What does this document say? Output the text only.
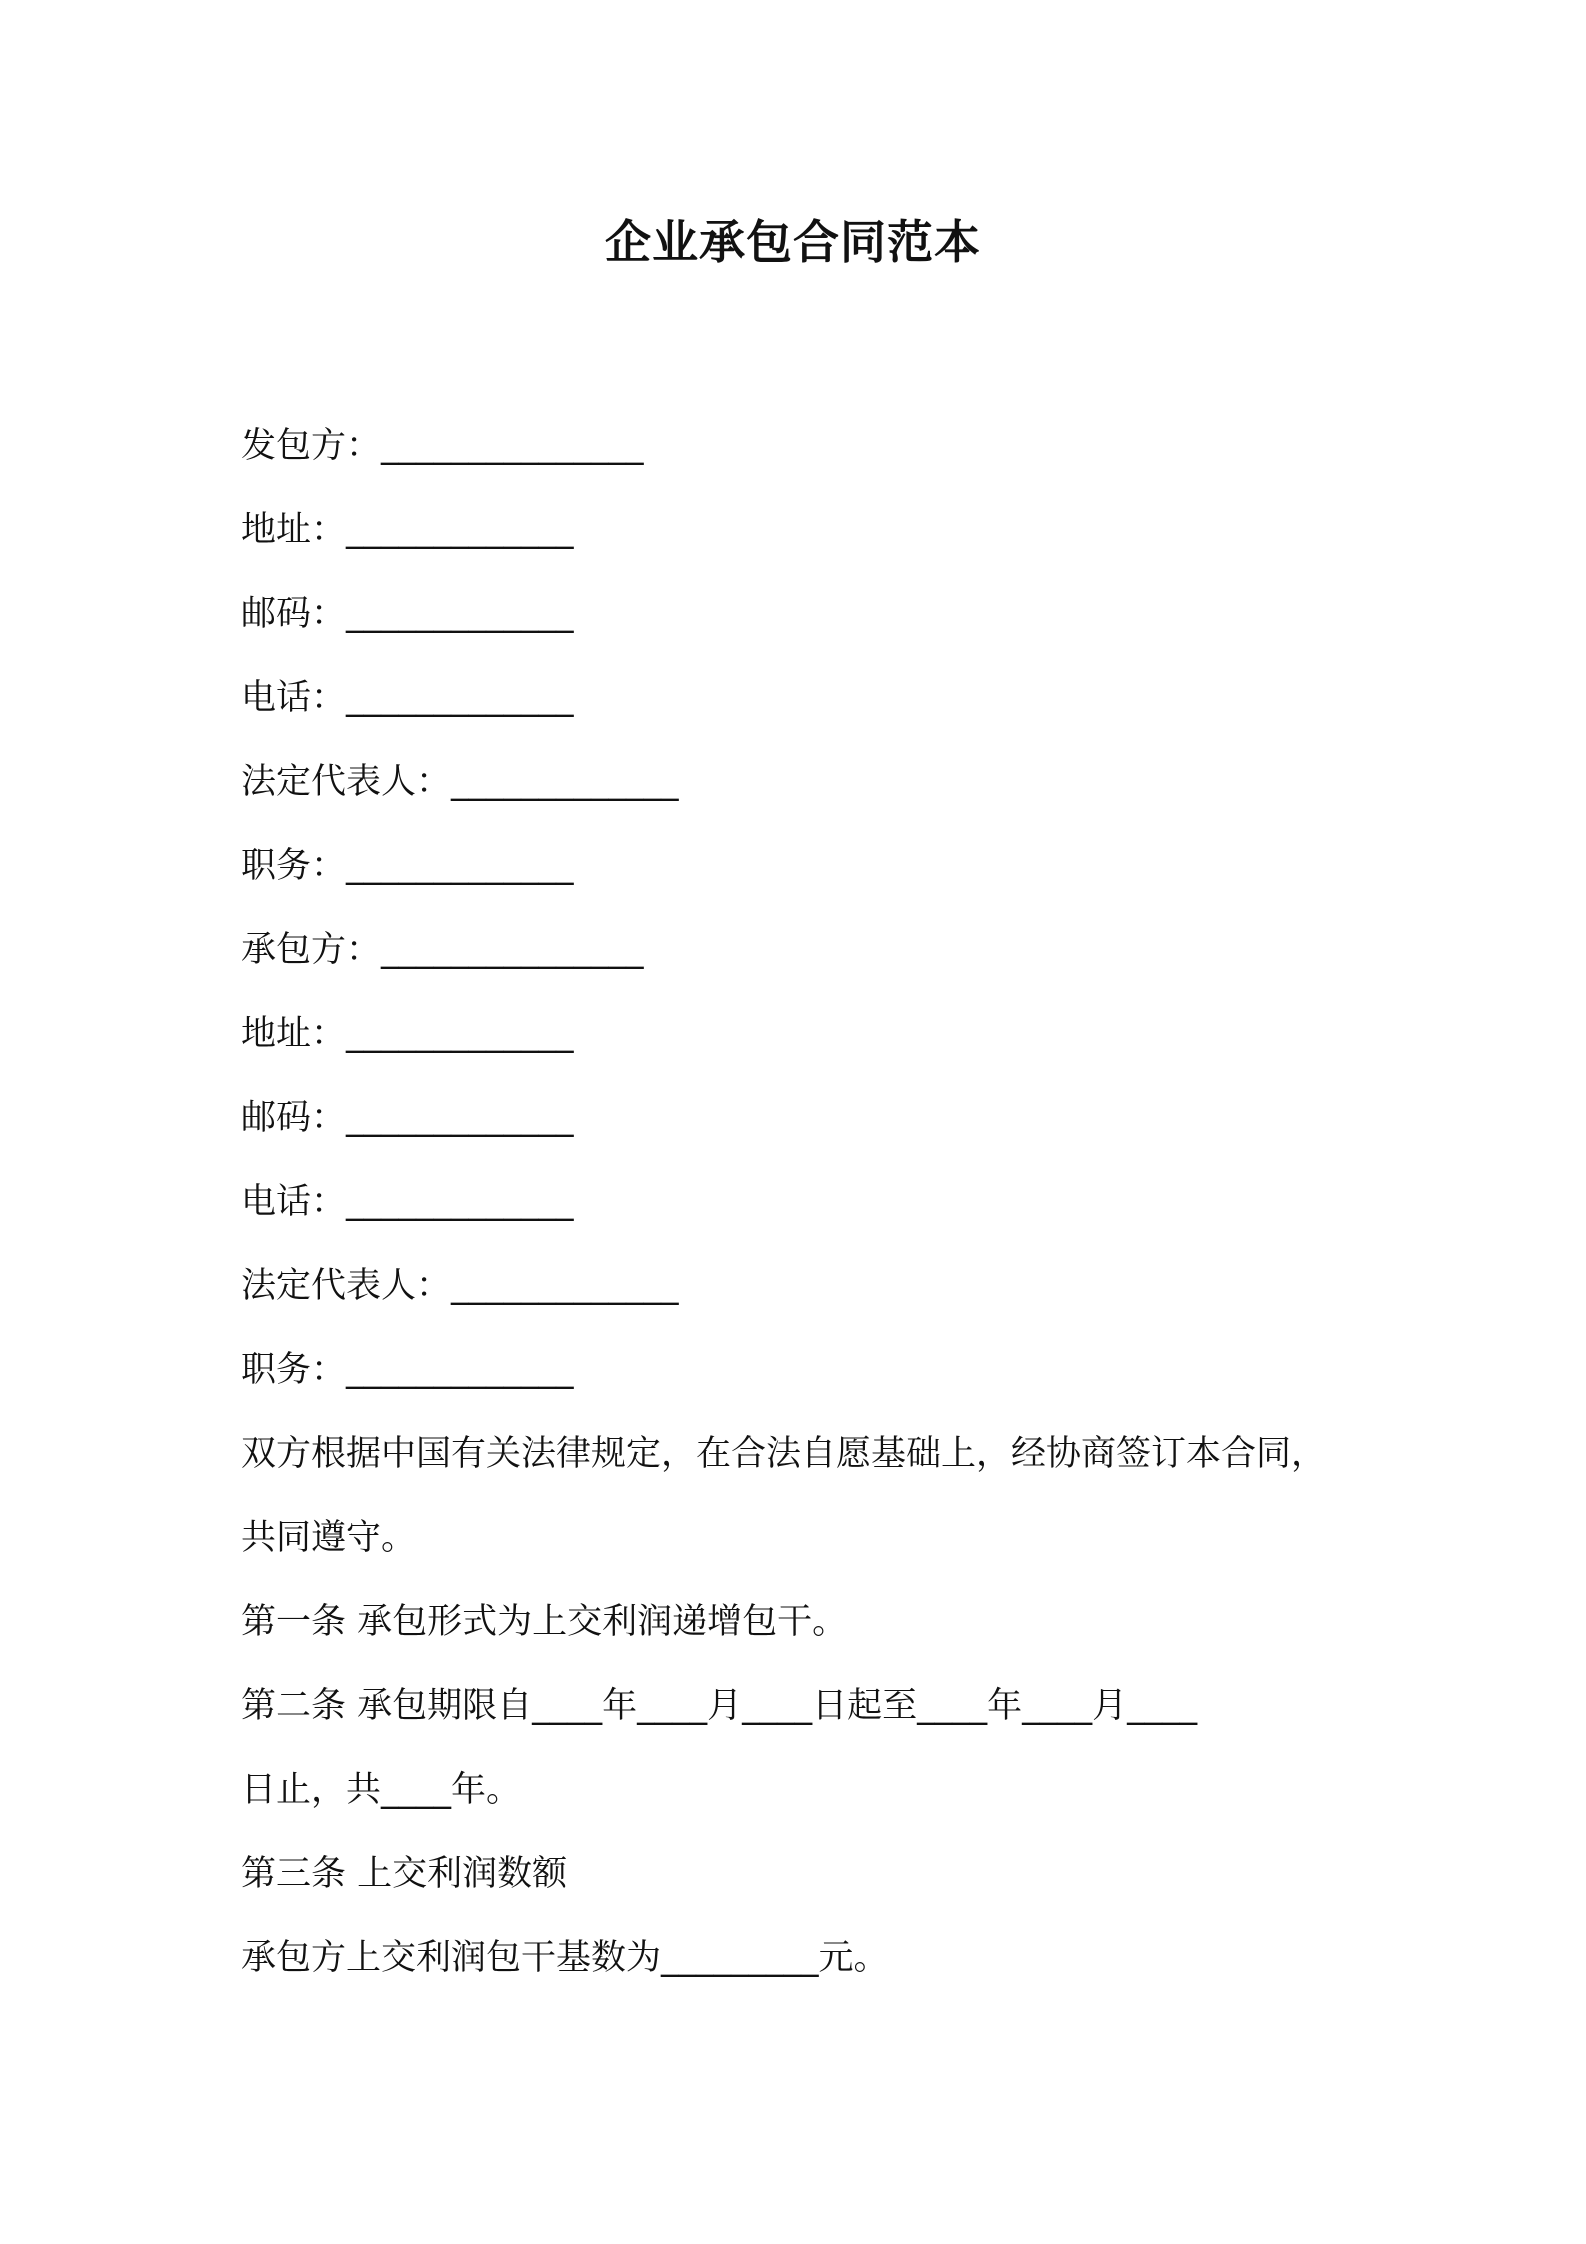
企业承包合同范本

发包方：_______________

地址：_____________

邮码：_____________

电话：_____________

法定代表人：_____________

职务：_____________

承包方：_______________

地址：_____________

邮码：_____________

电话：_____________

法定代表人：_____________

职务：_____________

双方根据中国有关法律规定，在合法自愿基础上，经协商签订本合同，

共同遵守。

第一条 承包形式为上交利润递增包干。

第二条 承包期限自____年____月____日起至____年____月____

日止，共____年。

第三条 上交利润数额

承包方上交利润包干基数为_________元。
